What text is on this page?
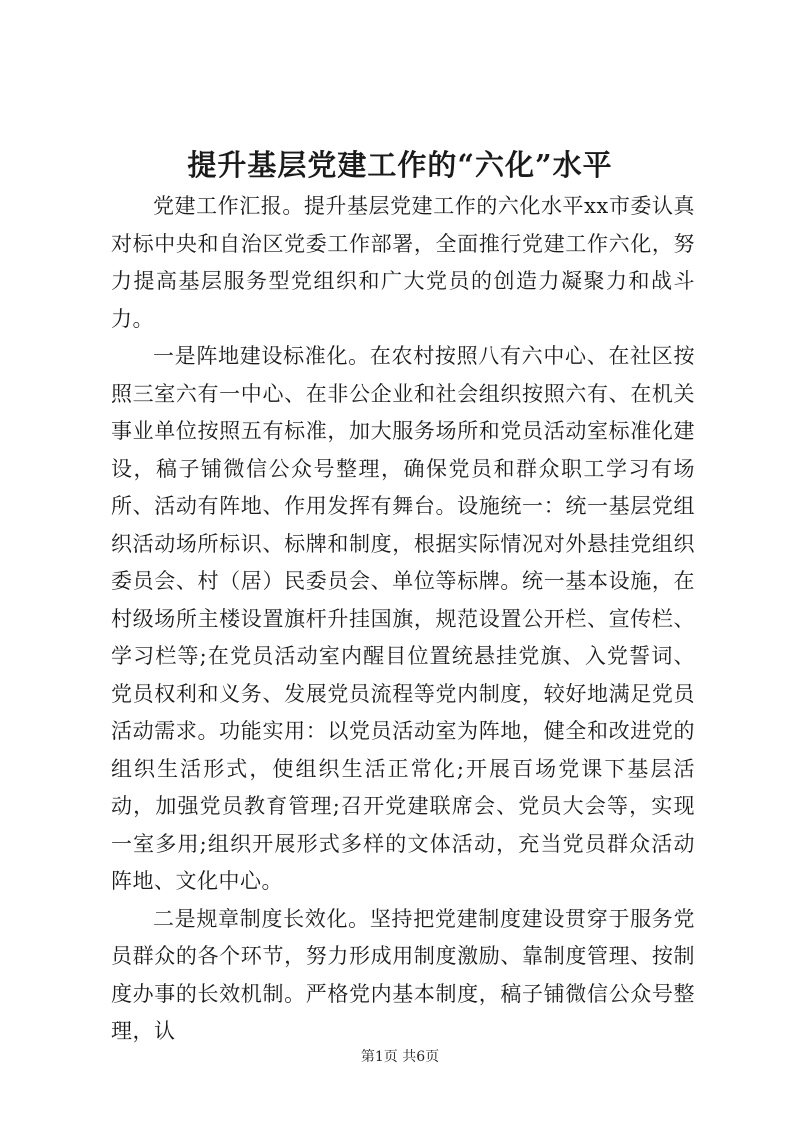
提升基层党建工作的“六化”水平

党建工作汇报。提升基层党建工作的六化水平xx市委认真对标中央和自治区党委工作部署，全面推行党建工作六化，努力提高基层服务型党组织和广大党员的创造力凝聚力和战斗力。

一是阵地建设标准化。在农村按照八有六中心、在社区按照三室六有一中心、在非公企业和社会组织按照六有、在机关事业单位按照五有标准，加大服务场所和党员活动室标准化建设，稿子铺微信公众号整理，确保党员和群众职工学习有场所、活动有阵地、作用发挥有舞台。设施统一：统一基层党组织活动场所标识、标牌和制度，根据实际情况对外悬挂党组织委员会、村（居）民委员会、单位等标牌。统一基本设施，在村级场所主楼设置旗杆升挂国旗，规范设置公开栏、宣传栏、学习栏等;在党员活动室内醒目位置统悬挂党旗、入党誓词、党员权利和义务、发展党员流程等党内制度，较好地满足党员活动需求。功能实用：以党员活动室为阵地，健全和改进党的组织生活形式，使组织生活正常化;开展百场党课下基层活动，加强党员教育管理;召开党建联席会、党员大会等，实现一室多用;组织开展形式多样的文体活动，充当党员群众活动阵地、文化中心。

二是规章制度长效化。坚持把党建制度建设贯穿于服务党员群众的各个环节，努力形成用制度激励、靠制度管理、按制度办事的长效机制。严格党内基本制度，稿子铺微信公众号整理，认

第1页 共6页
